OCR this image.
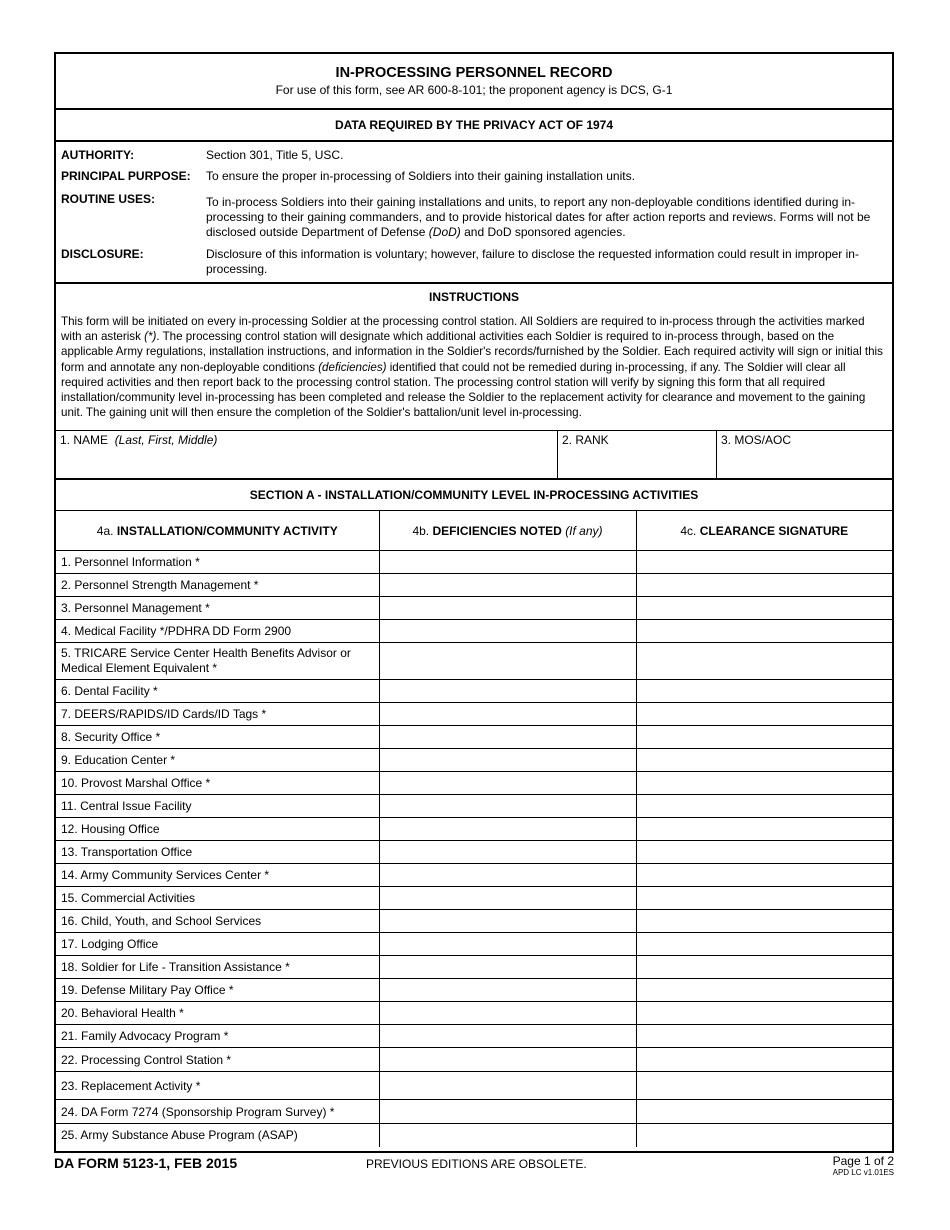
IN-PROCESSING PERSONNEL RECORD
For use of this form, see AR 600-8-101; the proponent agency is DCS, G-1
DATA REQUIRED BY THE PRIVACY ACT OF 1974
AUTHORITY:	Section 301, Title 5, USC.
PRINCIPAL PURPOSE: To ensure the proper in-processing of Soldiers into their gaining installation units.
ROUTINE USES:	To in-process Soldiers into their gaining installations and units, to report any non-deployable conditions identified during in-processing to their gaining commanders, and to provide historical dates for after action reports and reviews. Forms will not be disclosed outside Department of Defense (DoD) and DoD sponsored agencies.
DISCLOSURE:	Disclosure of this information is voluntary; however, failure to disclose the requested information could result in improper in-processing.
INSTRUCTIONS
This form will be initiated on every in-processing Soldier at the processing control station. All Soldiers are required to in-process through the activities marked with an asterisk (*). The processing control station will designate which additional activities each Soldier is required to in-process through, based on the applicable Army regulations, installation instructions, and information in the Soldier's records/furnished by the Soldier. Each required activity will sign or initial this form and annotate any non-deployable conditions (deficiencies) identified that could not be remedied during in-processing, if any. The Soldier will clear all required activities and then report back to the processing control station. The processing control station will verify by signing this form that all required installation/community level in-processing has been completed and release the Soldier to the replacement activity for clearance and movement to the gaining unit. The gaining unit will then ensure the completion of the Soldier's battalion/unit level in-processing.
1. NAME (Last, First, Middle)	2. RANK	3. MOS/AOC
SECTION A - INSTALLATION/COMMUNITY LEVEL IN-PROCESSING ACTIVITIES
4a. INSTALLATION/COMMUNITY ACTIVITY	4b. DEFICIENCIES NOTED (If any)	4c. CLEARANCE SIGNATURE
1. Personnel Information *		
2. Personnel Strength Management *		
3. Personnel Management *		
4. Medical Facility */PDHRA DD Form 2900		
5. TRICARE Service Center Health Benefits Advisor or Medical Element Equivalent *		
6. Dental Facility *		
7. DEERS/RAPIDS/ID Cards/ID Tags *		
8. Security Office *		
9. Education Center *		
10. Provost Marshal Office *		
11. Central Issue Facility		
12. Housing Office		
13. Transportation Office		
14. Army Community Services Center *		
15. Commercial Activities		
16. Child, Youth, and School Services		
17. Lodging Office		
18. Soldier for Life - Transition Assistance *		
19. Defense Military Pay Office *		
20. Behavioral Health *		
21. Family Advocacy Program *		
22. Processing Control Station *		
23. Replacement Activity *		
24. DA Form 7274 (Sponsorship Program Survey) *		
25. Army Substance Abuse Program (ASAP)		
DA FORM 5123-1, FEB 2015	PREVIOUS EDITIONS ARE OBSOLETE.	Page 1 of 2
APD LC v1.01ES
